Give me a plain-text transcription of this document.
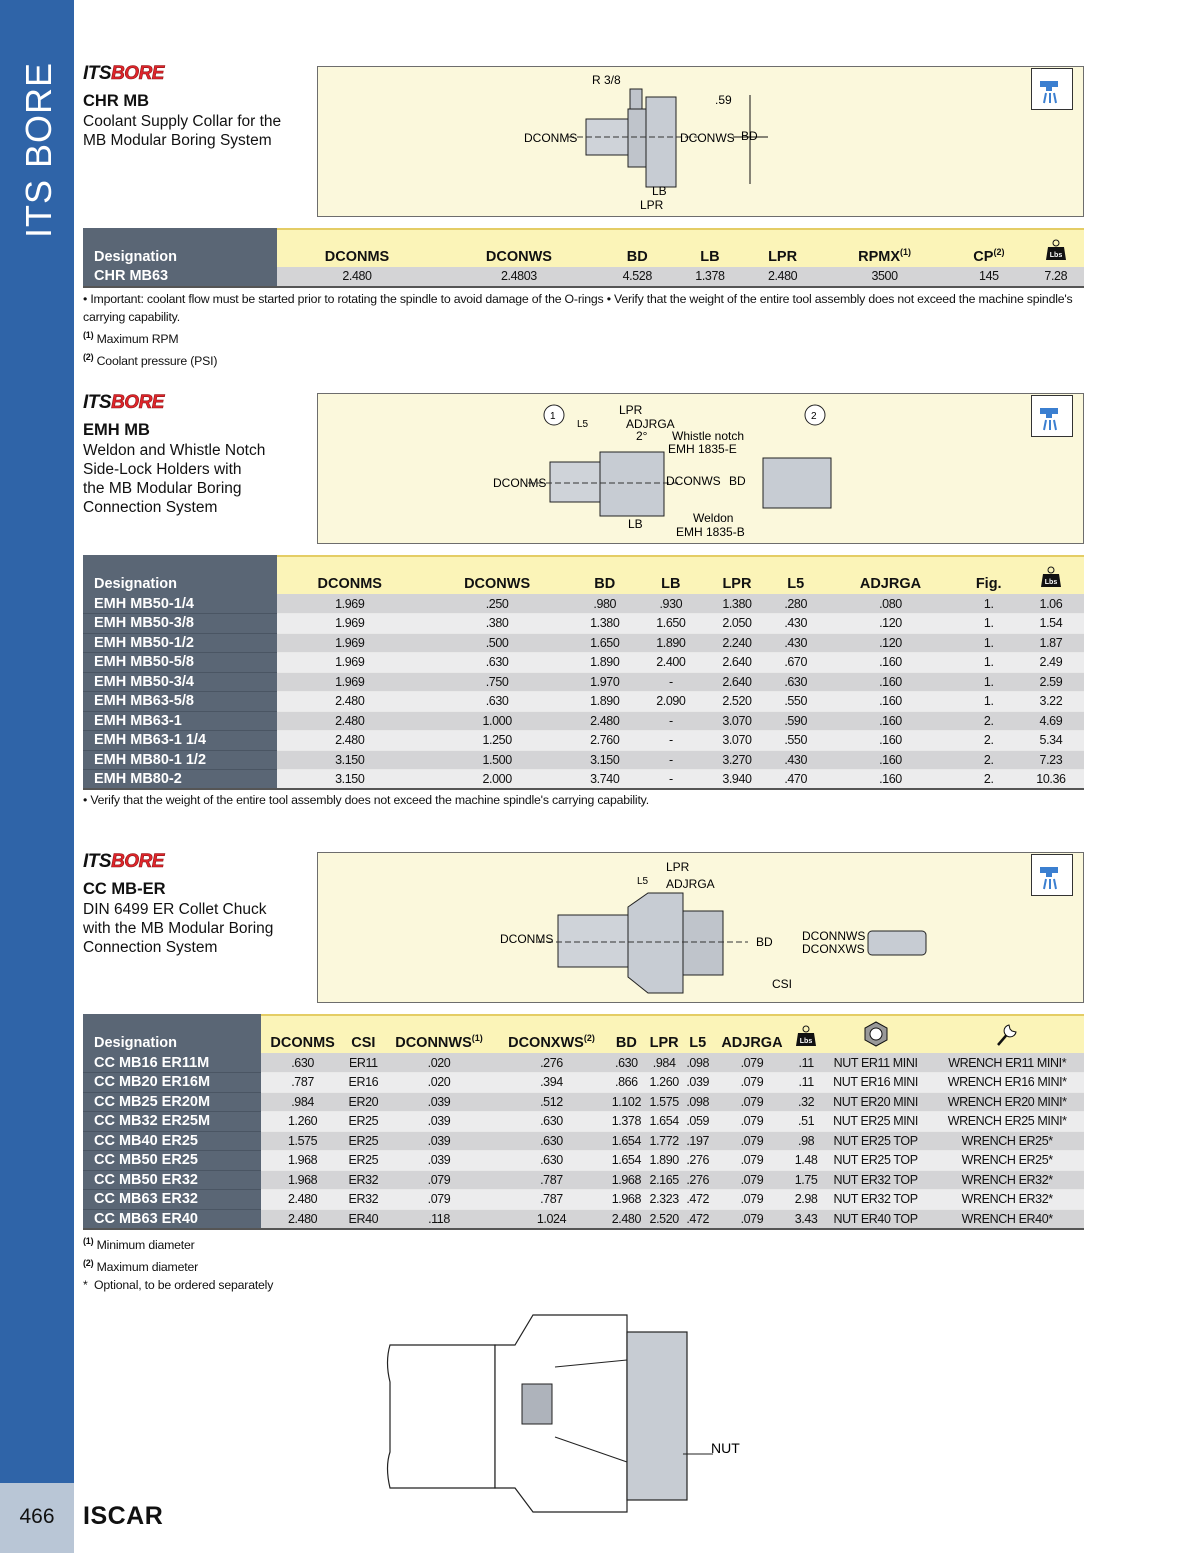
ITS BORE
466	ISCAR
ITSBORE
CHR MB
Coolant Supply Collar for the
MB Modular Boring System
R 3/8
.59
DCONMS	DCONWS BD
LB
LPR
Designation	DCONMS	DCONWS	BD	LB	LPR	RPMX$^{(1)}$	CP$^{(2)}$	Lbs

CHR MB63	2.480	2.4803	4.528	1.378	2.480	3500	145	7.28
• Important: coolant flow must be started prior to rotating the spindle to avoid damage of the O-rings • Verify that the weight of the entire tool assembly does not exceed the machine spindle's carrying capability.
$^{(1)}$ Maximum RPM
$^{(2)}$ Coolant pressure (PSI)
ITSBORE
EMH MB
Weldon and Whistle Notch
Side-Lock Holders with
the MB Modular Boring
Connection System
1	2
LPR
L5	ADJRGA
2° Whistle notch
EMH 1835-E
DCONMS	DCONWS BD
LB	Weldon
EMH 1835-B
Designation	DCONMS	DCONWS	BD	LB	LPR	L5	ADJRGA	Fig.	Lbs

EMH MB50-1/4	1.969	.250	.980	.930	1.380	.280	.080	1.	1.06
EMH MB50-3/8	1.969	.380	1.380	1.650	2.050	.430	.120	1.	1.54
EMH MB50-1/2	1.969	.500	1.650	1.890	2.240	.430	.120	1.	1.87
EMH MB50-5/8	1.969	.630	1.890	2.400	2.640	.670	.160	1.	2.49
EMH MB50-3/4	1.969	.750	1.970	-	2.640	.630	.160	1.	2.59
EMH MB63-5/8	2.480	.630	1.890	2.090	2.520	.550	.160	1.	3.22
EMH MB63-1	2.480	1.000	2.480	-	3.070	.590	.160	2.	4.69
EMH MB63-1 1/4	2.480	1.250	2.760	-	3.070	.550	.160	2.	5.34
EMH MB80-1 1/2	3.150	1.500	3.150	-	3.270	.430	.160	2.	7.23
EMH MB80-2	3.150	2.000	3.740	-	3.940	.470	.160	2.	10.36
• Verify that the weight of the entire tool assembly does not exceed the machine spindle's carrying capability.
ITSBORE
CC MB-ER
DIN 6499 ER Collet Chuck
with the MB Modular Boring
Connection System
LPR
L5 ADJRGA
DCONMS	BD DCONNWS
DCONXWS
CSI
Designation	DCONMS	CSI	DCONNWS$^{(1)}$	DCONXWS$^{(2)}$	BD	LPR	L5	ADJRGA	Lbs

CC MB16 ER11M	.630	ER11	.020	.276	.630	.984	.098	.079	.11	NUT ER11 MINI	WRENCH ER11 MINI*
CC MB20 ER16M	.787	ER16	.020	.394	.866	1.260	.039	.079	.11	NUT ER16 MINI	WRENCH ER16 MINI*
CC MB25 ER20M	.984	ER20	.039	.512	1.102	1.575	.098	.079	.32	NUT ER20 MINI	WRENCH ER20 MINI*
CC MB32 ER25M	1.260	ER25	.039	.630	1.378	1.654	.059	.079	.51	NUT ER25 MINI	WRENCH ER25 MINI*
CC MB40 ER25	1.575	ER25	.039	.630	1.654	1.772	.197	.079	.98	NUT ER25 TOP	WRENCH ER25*
CC MB50 ER25	1.968	ER25	.039	.630	1.654	1.890	.276	.079	1.48	NUT ER25 TOP	WRENCH ER25*
CC MB50 ER32	1.968	ER32	.079	.787	1.968	2.165	.276	.079	1.75	NUT ER32 TOP	WRENCH ER32*
CC MB63 ER32	2.480	ER32	.079	.787	1.968	2.323	.472	.079	2.98	NUT ER32 TOP	WRENCH ER32*
CC MB63 ER40	2.480	ER40	.118	1.024	2.480	2.520	.472	.079	3.43	NUT ER40 TOP	WRENCH ER40*
$^{(1)}$ Minimum diameter
$^{(2)}$ Maximum diameter
* Optional, to be ordered separately
NUT
